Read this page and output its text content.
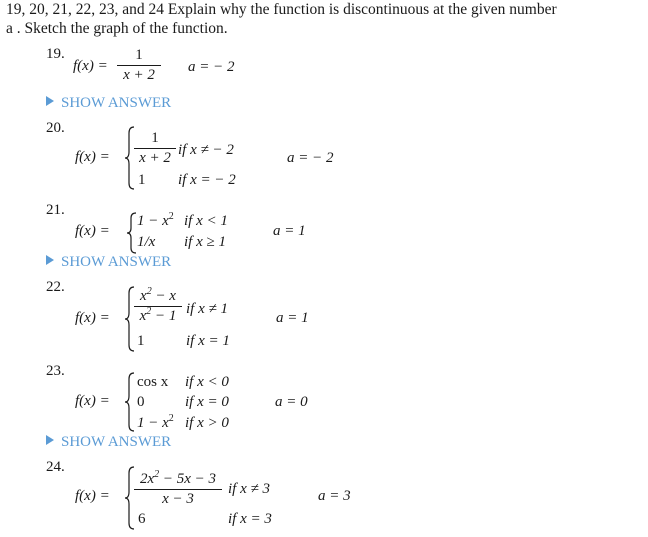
19, 20, 21, 22, 23, and 24 Explain why the function is discontinuous at the given number
a . Sketch the graph of the function.
19.
$f(x) = \frac{1}{x + 2}$ a = − 2
SHOW ANSWER
20.
$f(x) = \frac{1}{x + 2}$ if x ≠ − 2
1 if x = − 2
a = − 2
21.
f(x) =
$1 - x^2$ if x < 1
1/x if x ≥ 1
a = 1
SHOW ANSWER
22.
$f(x) = \frac{x^2 - x}{x^2 - 1}$ if x ≠ 1
1	if x = 1
a = 1
23.
f(x) =
cos x if x < 0
0	if x = 0
$1 - x^2$ if x > 0
a = 0
SHOW ANSWER
24.
$f(x) = \frac{2x^2 - 5x - 3}{x - 3}$ if x ≠ 3
6	if x = 3
a = 3
